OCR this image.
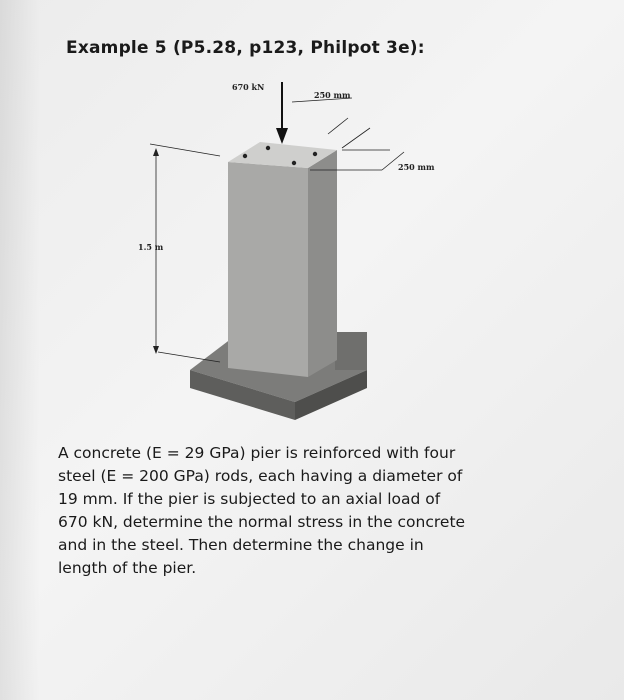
Example 5 (P5.28, p123, Philpot 3e):
670 kN
250 mm
250 mm
1.5 m
A concrete (E = 29 GPa) pier is reinforced with four
steel (E = 200 GPa) rods, each having a diameter of
19 mm. If the pier is subjected to an axial load of
670 kN, determine the normal stress in the concrete
and in the steel. Then determine the change in
length of the pier.
